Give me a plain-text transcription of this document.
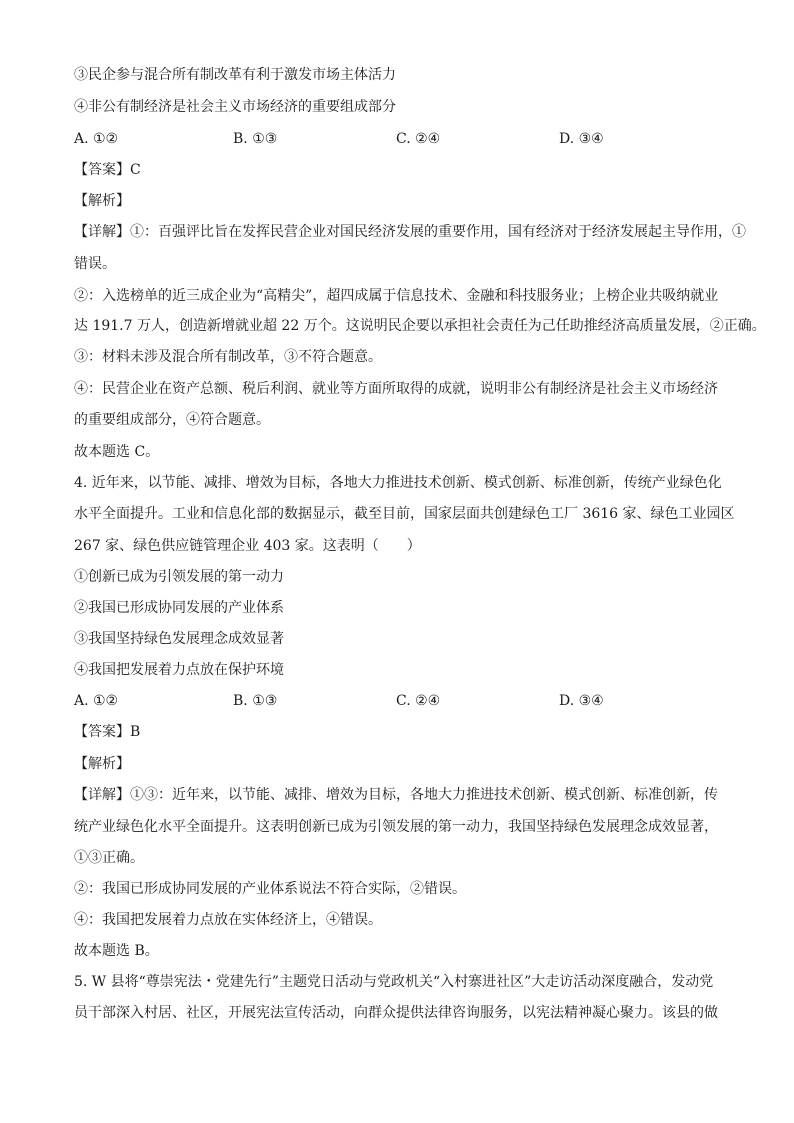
③民企参与混合所有制改革有利于激发市场主体活力
④非公有制经济是社会主义市场经济的重要组成部分
A. ①②	B. ①③	C. ②④	D. ③④
【答案】C
【解析】
【详解】①：百强评比旨在发挥民营企业对国民经济发展的重要作用，国有经济对于经济发展起主导作用，①
错误。
②：入选榜单的近三成企业为“高精尖”，超四成属于信息技术、金融和科技服务业；上榜企业共吸纳就业
达 191.7 万人，创造新增就业超 22 万个。这说明民企要以承担社会责任为己任助推经济高质量发展，②正确。
③：材料未涉及混合所有制改革，③不符合题意。
④：民营企业在资产总额、税后利润、就业等方面所取得的成就，说明非公有制经济是社会主义市场经济
的重要组成部分，④符合题意。
故本题选 C。
4. 近年来，以节能、减排、增效为目标，各地大力推进技术创新、模式创新、标准创新，传统产业绿色化
水平全面提升。工业和信息化部的数据显示，截至目前，国家层面共创建绿色工厂 3616 家、绿色工业园区
267 家、绿色供应链管理企业 403 家。这表明（　　）
①创新已成为引领发展的第一动力
②我国已形成协同发展的产业体系
③我国坚持绿色发展理念成效显著
④我国把发展着力点放在保护环境
A. ①②	B. ①③	C. ②④	D. ③④
【答案】B
【解析】
【详解】①③：近年来，以节能、减排、增效为目标，各地大力推进技术创新、模式创新、标准创新，传
统产业绿色化水平全面提升。这表明创新已成为引领发展的第一动力，我国坚持绿色发展理念成效显著，
①③正确。
②：我国已形成协同发展的产业体系说法不符合实际，②错误。
④：我国把发展着力点放在实体经济上，④错误。
故本题选 B。
5. W 县将“尊崇宪法・党建先行”主题党日活动与党政机关“入村寨进社区”大走访活动深度融合，发动党
员干部深入村居、社区，开展宪法宣传活动，向群众提供法律咨询服务，以宪法精神凝心聚力。该县的做
